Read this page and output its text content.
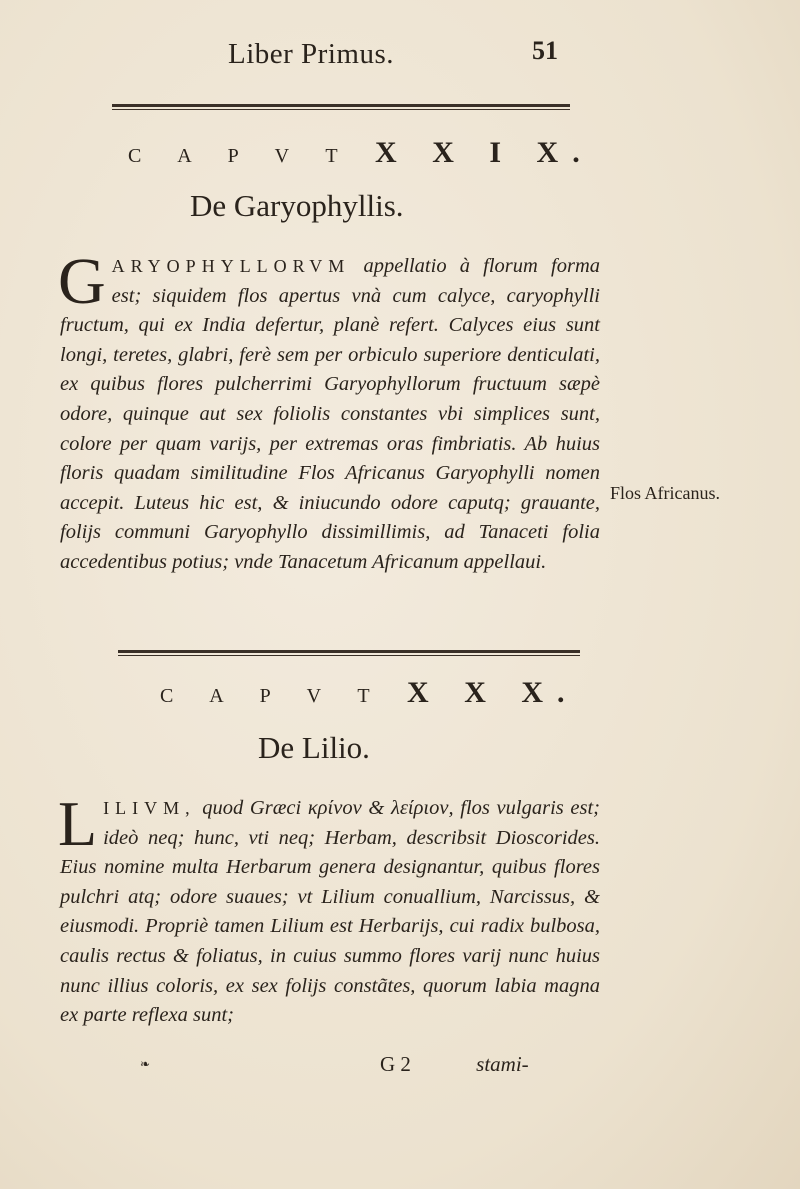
Liber Primus.	51
C A P V T X X I X.
De Garyophyllis.
GARYOPHYLLORVM appellatio à florum forma est; siquidem flos apertus vnà cum calyce, caryophylli fructum, qui ex India defertur, planè refert. Calyces eius sunt longi, teretes, glabri, ferè sem per orbiculo superiore denticulati, ex quibus flores pulcherrimi Garyophyllorum fructuum sæpè odore, quinque aut sex foliolis constantes vbi simplices sunt, colore per quam varijs, per extremas oras fimbriatis. Ab huius floris quadam similitudine Flos Africanus Garyophylli nomen accepit. Luteus hic est, & iniucundo odore caputq; grauante, folijs communi Garyophyllo dissimillimis, ad Tanaceti folia accedentibus potius; vnde Tanacetum Africanum appellaui.
Flos Africanus.
C A P V T X X X.
De Lilio.
LILIVM, quod Græci κρίνον & λείριον, flos vulgaris est; ideò neq; hunc, vti neq; Herbam, describsit Dioscorides. Eius nomine multa Herbarum genera designantur, quibus flores pulchri atq; odore suaues; vt Lilium conuallium, Narcissus, & eiusmodi. Propriè tamen Lilium est Herbarijs, cui radix bulbosa, caulis rectus & foliatus, in cuius summo flores varij nunc huius nunc illius coloris, ex sex folijs constãtes, quorum labia magna ex parte reflexa sunt;
❧	G 2	stami-
